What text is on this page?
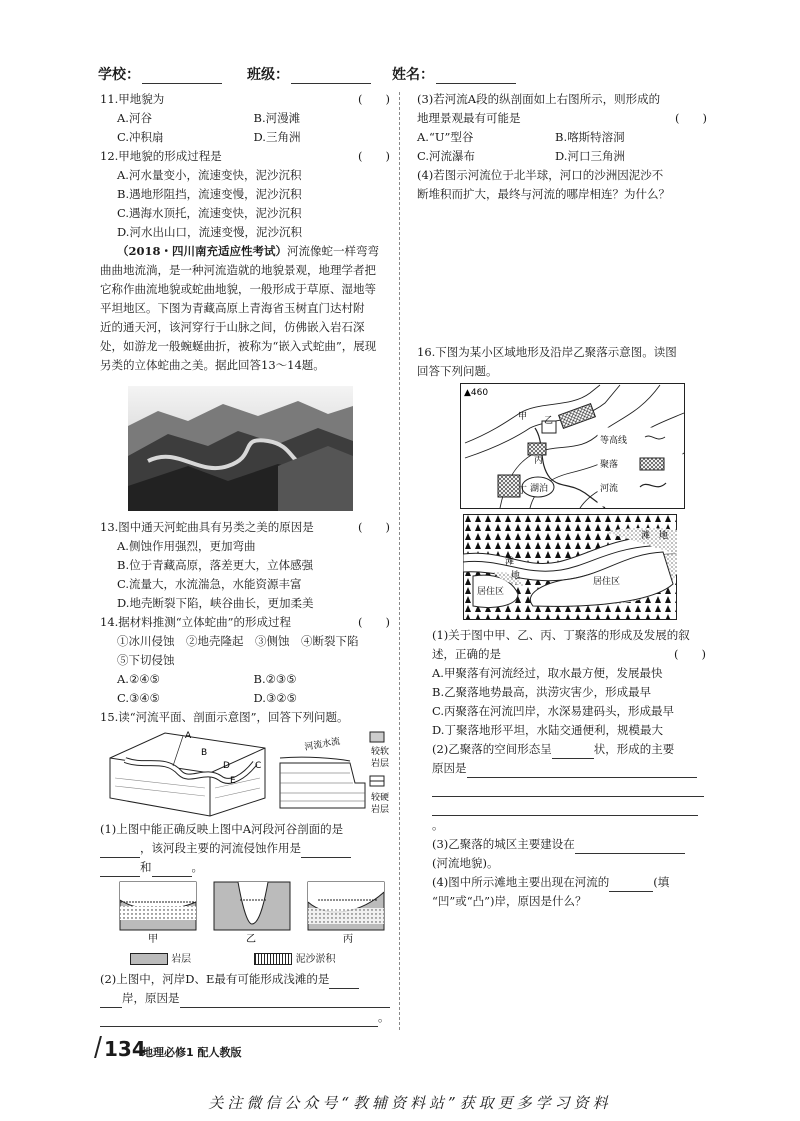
学校：	班级：	姓名：
11.甲地貌为	(　　)
A.河谷	B.河漫滩
C.冲积扇	D.三角洲
12.甲地貌的形成过程是	(　　)
A.河水量变小，流速变快，泥沙沉积
B.遇地形阻挡，流速变慢，泥沙沉积
C.遇海水顶托，流速变快，泥沙沉积
D.河水出山口，流速变慢，泥沙沉积
（2018・四川南充适应性考试）河流像蛇一样弯弯
曲曲地流淌，是一种河流造就的地貌景观，地理学者把
它称作曲流地貌或蛇曲地貌，一般形成于草原、湿地等
平坦地区。下图为青藏高原上青海省玉树直门达村附
近的通天河，该河穿行于山脉之间，仿佛嵌入岩石深
处，如游龙一般蜿蜒曲折，被称为“嵌入式蛇曲”，展现
另类的立体蛇曲之美。据此回答13～14题。
13.图中通天河蛇曲具有另类之美的原因是	(　　)
A.侧蚀作用强烈，更加弯曲
B.位于青藏高原，落差更大，立体感强
C.流量大，水流湍急，水能资源丰富
D.地壳断裂下陷，峡谷曲长，更加柔美
14.据材料推测“立体蛇曲”的形成过程	(　　)
①冰川侵蚀　②地壳隆起　③侧蚀　④断裂下陷
⑤下切侵蚀
A.②④⑤	B.②③⑤
C.③④⑤	D.③②⑤
15.读“河流平面、剖面示意图”，回答下列问题。
A
B
C
D
E
河流水流	较软
岩层
较硬
岩层
(1)上图中能正确反映上图中A河段河谷剖面的是
，该河段主要的河流侵蚀作用是
和	。
甲	乙	丙
岩层	泥沙淤积
(2)上图中，河岸D、E最有可能形成浅滩的是
岸，原因是
。
(3)若河流A段的纵剖面如上右图所示，则形成的
地理景观最有可能是	(　　)
A.“U”型谷	B.喀斯特溶洞
C.河流瀑布	D.河口三角洲
(4)若图示河流位于北半球，河口的沙洲因泥沙不
断堆积而扩大，最终与河流的哪岸相连？为什么？
16.下图为某小区域地形及沿岸乙聚落示意图。读图
回答下列问题。
▲460
甲 乙
丙
丁 湖泊
等高线
聚落
河流
滩 地
滩
地
居住区
居住区
(1)关于图中甲、乙、丙、丁聚落的形成及发展的叙
述，正确的是	(　　)
A.甲聚落有河流经过，取水最方便，发展最快
B.乙聚落地势最高，洪涝灾害少，形成最早
C.丙聚落在河流凹岸，水深易建码头，形成最早
D.丁聚落地形平坦，水陆交通便利，规模最大
(2)乙聚落的空间形态呈	状，形成的主要
原因是
。
(3)乙聚落的城区主要建设在
(河流地貌)。
(4)图中所示滩地主要出现在河流的	(填
“凹”或“凸”)岸，原因是什么？
134
地理必修1 配人教版
关注微信公众号“教辅资料站”获取更多学习资料
